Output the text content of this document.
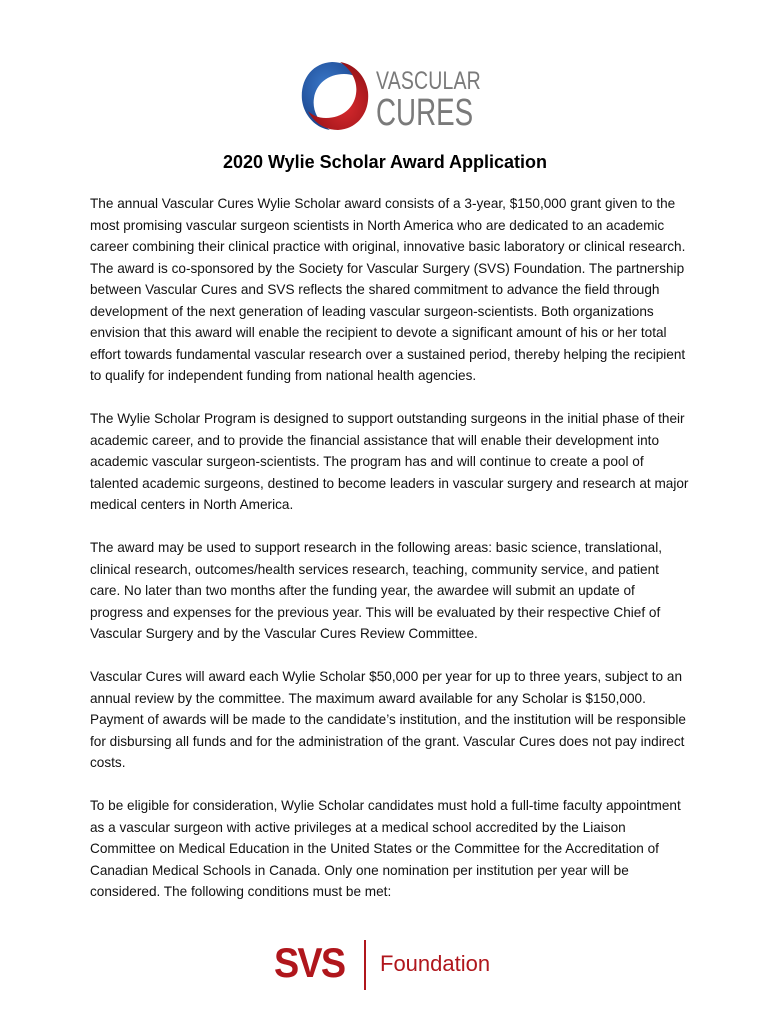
VASCULAR
CURES
2020 Wylie Scholar Award Application

The annual Vascular Cures Wylie Scholar award consists of a 3-year, $150,000 grant given to the most promising vascular surgeon scientists in North America who are dedicated to an academic career combining their clinical practice with original, innovative basic laboratory or clinical research. The award is co-sponsored by the Society for Vascular Surgery (SVS) Foundation. The partnership between Vascular Cures and SVS reflects the shared commitment to advance the field through development of the next generation of leading vascular surgeon-scientists. Both organizations envision that this award will enable the recipient to devote a significant amount of his or her total effort towards fundamental vascular research over a sustained period, thereby helping the recipient to qualify for independent funding from national health agencies.

The Wylie Scholar Program is designed to support outstanding surgeons in the initial phase of their academic career, and to provide the financial assistance that will enable their development into academic vascular surgeon-scientists. The program has and will continue to create a pool of talented academic surgeons, destined to become leaders in vascular surgery and research at major medical centers in North America.

The award may be used to support research in the following areas: basic science, translational, clinical research, outcomes/health services research, teaching, community service, and patient care. No later than two months after the funding year, the awardee will submit an update of progress and expenses for the previous year. This will be evaluated by their respective Chief of Vascular Surgery and by the Vascular Cures Review Committee.

Vascular Cures will award each Wylie Scholar $50,000 per year for up to three years, subject to an annual review by the committee. The maximum award available for any Scholar is $150,000. Payment of awards will be made to the candidate’s institution, and the institution will be responsible for disbursing all funds and for the administration of the grant. Vascular Cures does not pay indirect costs.

To be eligible for consideration, Wylie Scholar candidates must hold a full-time faculty appointment as a vascular surgeon with active privileges at a medical school accredited by the Liaison Committee on Medical Education in the United States or the Committee for the Accreditation of Canadian Medical Schools in Canada. Only one nomination per institution per year will be considered. The following conditions must be met:

SVS Foundation
